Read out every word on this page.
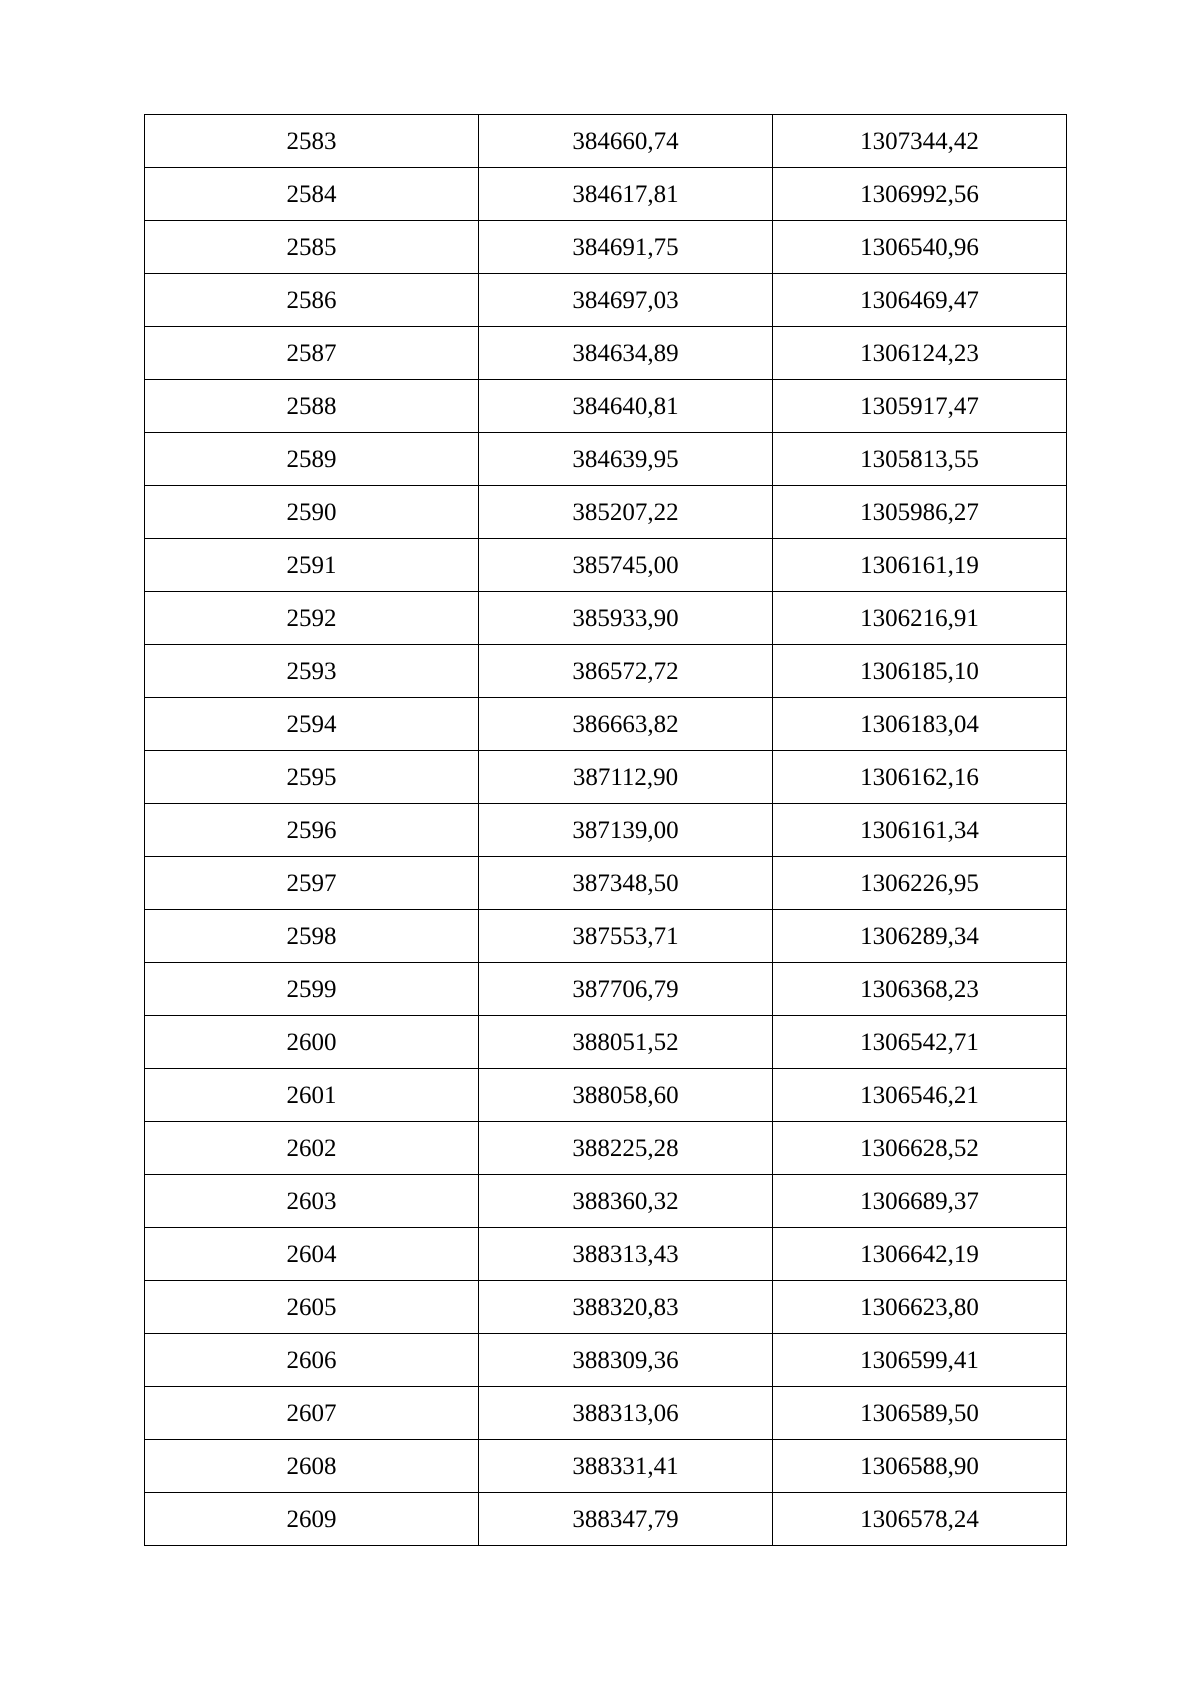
2583	384660,74	1307344,42
2584	384617,81	1306992,56
2585	384691,75	1306540,96
2586	384697,03	1306469,47
2587	384634,89	1306124,23
2588	384640,81	1305917,47
2589	384639,95	1305813,55
2590	385207,22	1305986,27
2591	385745,00	1306161,19
2592	385933,90	1306216,91
2593	386572,72	1306185,10
2594	386663,82	1306183,04
2595	387112,90	1306162,16
2596	387139,00	1306161,34
2597	387348,50	1306226,95
2598	387553,71	1306289,34
2599	387706,79	1306368,23
2600	388051,52	1306542,71
2601	388058,60	1306546,21
2602	388225,28	1306628,52
2603	388360,32	1306689,37
2604	388313,43	1306642,19
2605	388320,83	1306623,80
2606	388309,36	1306599,41
2607	388313,06	1306589,50
2608	388331,41	1306588,90
2609	388347,79	1306578,24
